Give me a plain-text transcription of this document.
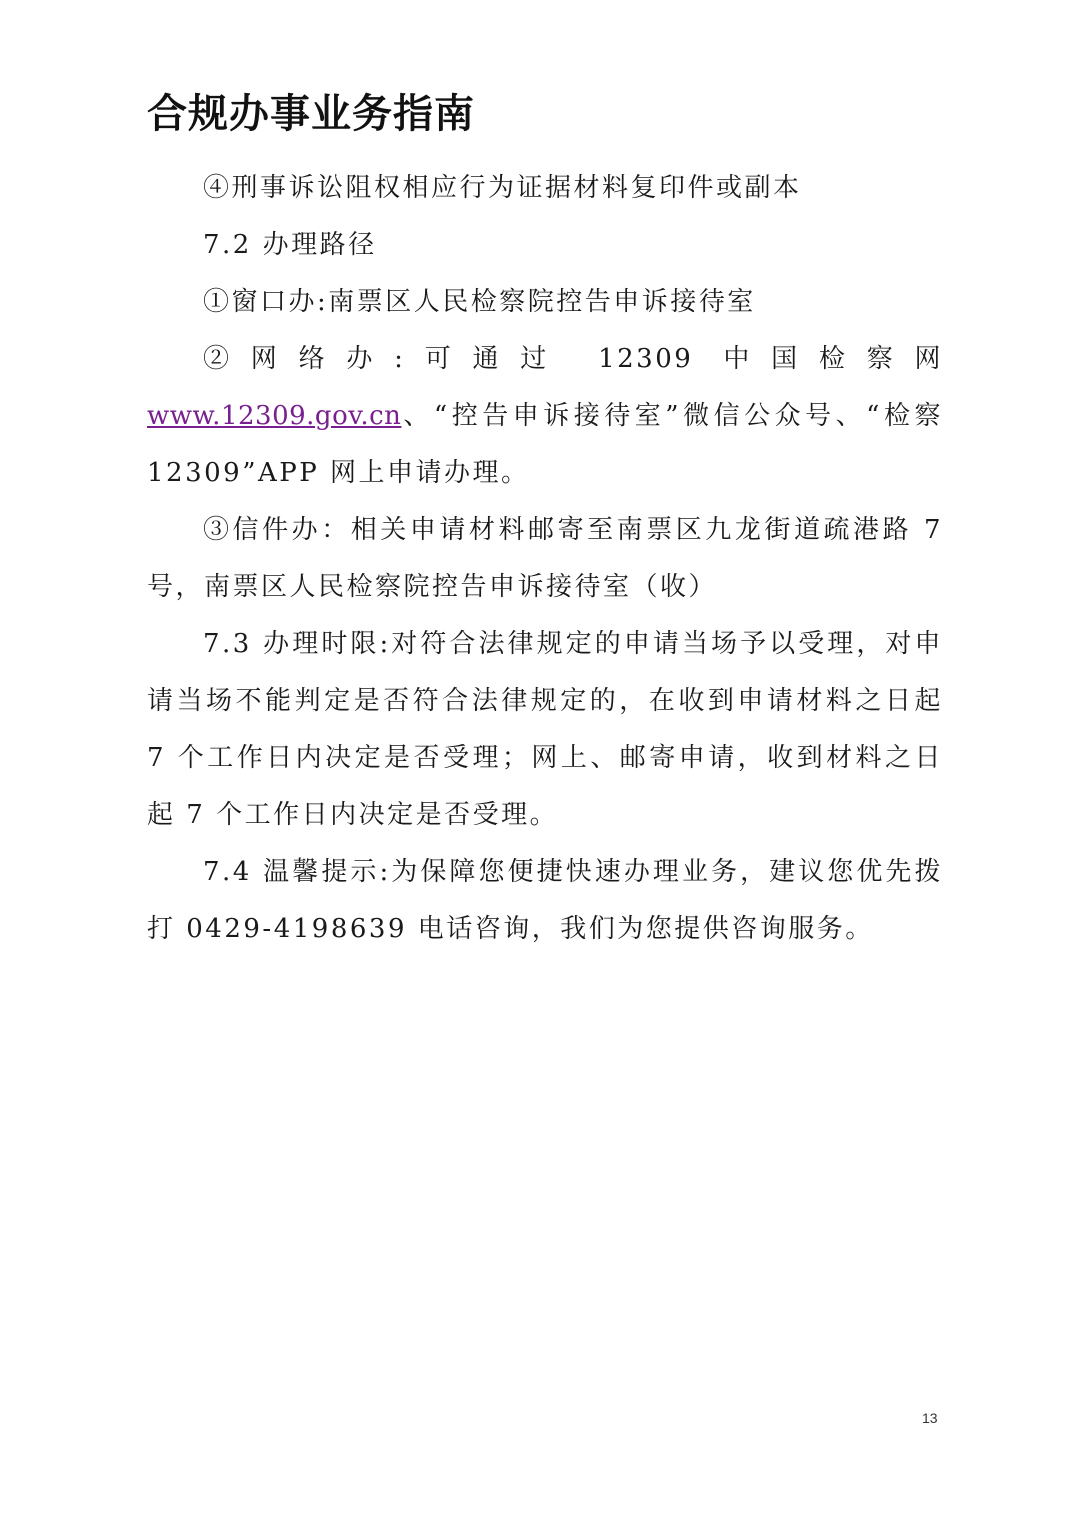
合规办事业务指南

④刑事诉讼阻权相应行为证据材料复印件或副本

7.2 办理路径

①窗口办:南票区人民检察院控告申诉接待室

②网络办:可通过 12309 中国检察网 www.12309.gov.cn、“控告申诉接待室”微信公众号、“检察 12309”APP 网上申请办理。

③信件办：相关申请材料邮寄至南票区九龙街道疏港路 7 号，南票区人民检察院控告申诉接待室（收）

7.3 办理时限:对符合法律规定的申请当场予以受理，对申请当场不能判定是否符合法律规定的，在收到申请材料之日起 7 个工作日内决定是否受理；网上、邮寄申请，收到材料之日起 7 个工作日内决定是否受理。

7.4 温馨提示:为保障您便捷快速办理业务，建议您优先拨打 0429-4198639 电话咨询，我们为您提供咨询服务。

13
